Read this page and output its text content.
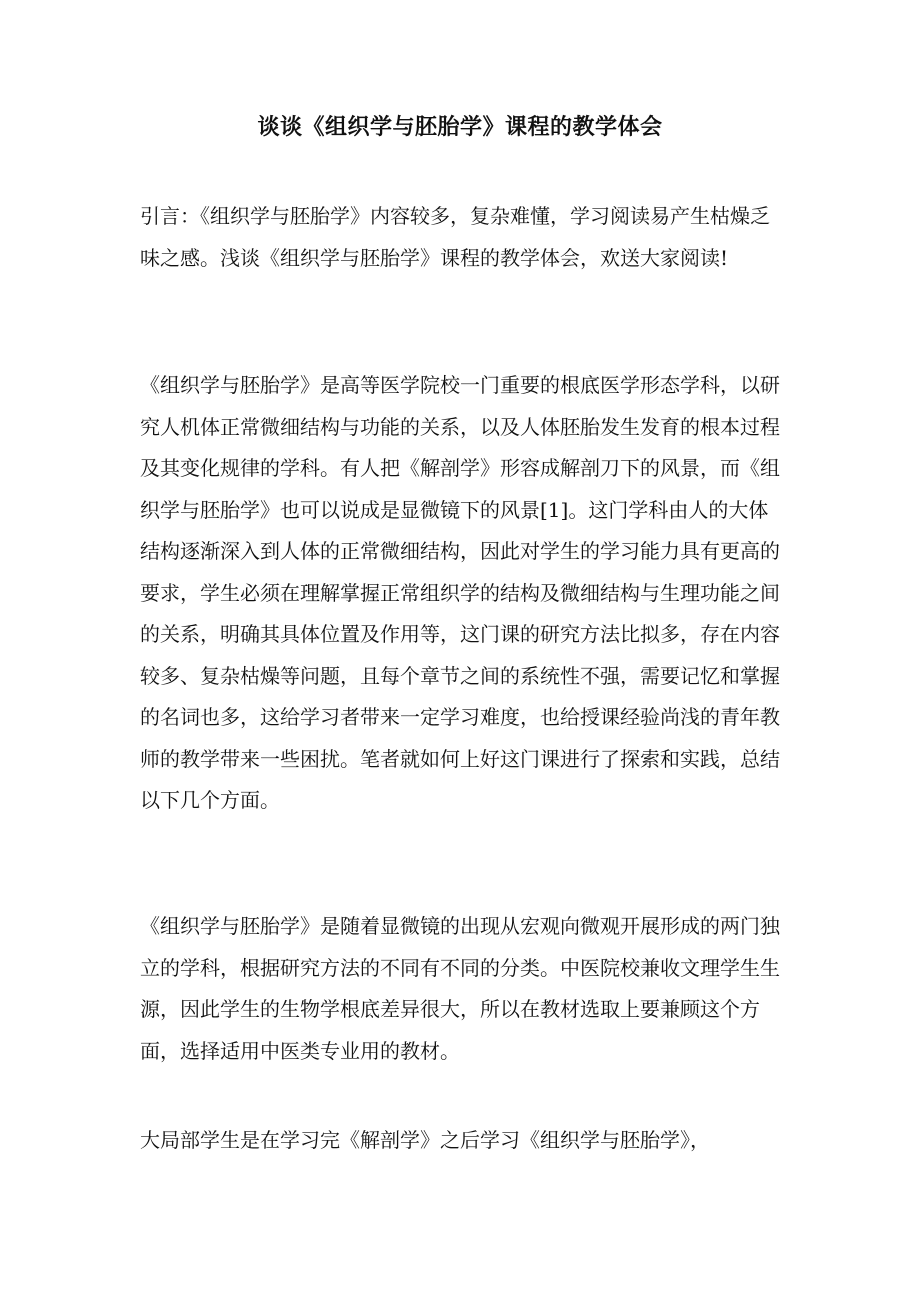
谈谈《组织学与胚胎学》课程的教学体会
引言：《组织学与胚胎学》内容较多，复杂难懂，学习阅读易产生枯燥乏味之感。浅谈《组织学与胚胎学》课程的教学体会，欢送大家阅读!
《组织学与胚胎学》是高等医学院校一门重要的根底医学形态学科，以研究人机体正常微细结构与功能的关系，以及人体胚胎发生发育的根本过程及其变化规律的学科。有人把《解剖学》形容成解剖刀下的风景，而《组织学与胚胎学》也可以说成是显微镜下的风景[1]。这门学科由人的大体结构逐渐深入到人体的正常微细结构，因此对学生的学习能力具有更高的要求，学生必须在理解掌握正常组织学的结构及微细结构与生理功能之间的关系，明确其具体位置及作用等，这门课的研究方法比拟多，存在内容较多、复杂枯燥等问题，且每个章节之间的系统性不强，需要记忆和掌握的名词也多，这给学习者带来一定学习难度，也给授课经验尚浅的青年教师的教学带来一些困扰。笔者就如何上好这门课进行了探索和实践，总结以下几个方面。
《组织学与胚胎学》是随着显微镜的出现从宏观向微观开展形成的两门独立的学科，根据研究方法的不同有不同的分类。中医院校兼收文理学生生源，因此学生的生物学根底差异很大，所以在教材选取上要兼顾这个方面，选择适用中医类专业用的教材。
大局部学生是在学习完《解剖学》之后学习《组织学与胚胎学》，
